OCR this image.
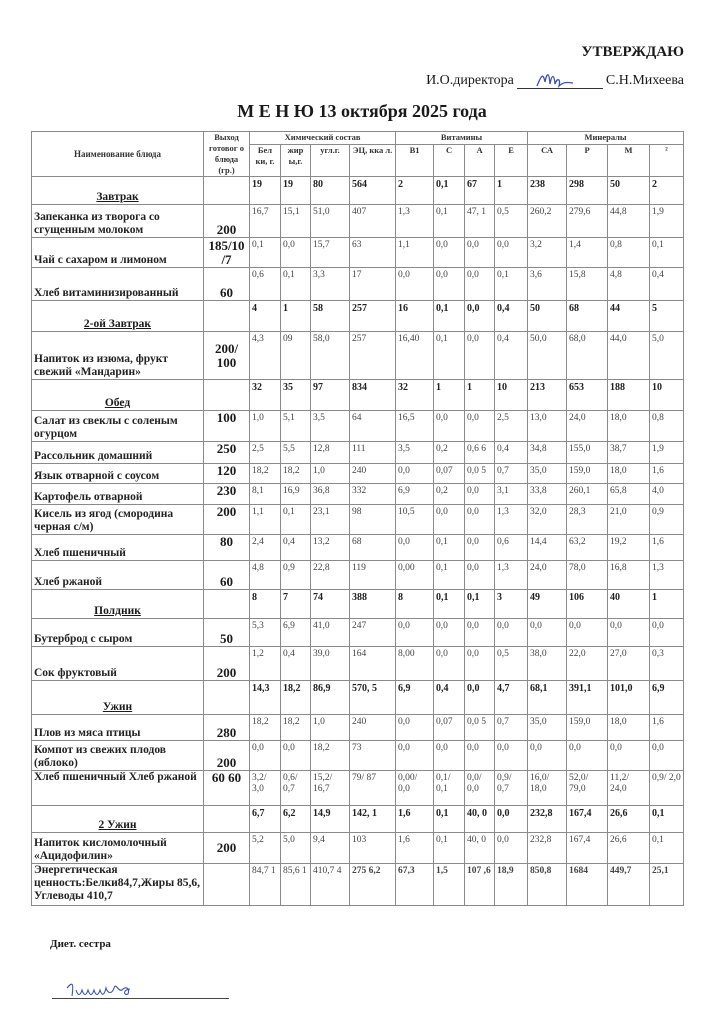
УТВЕРЖДАЮ
И.О.директора	С.Н.Михеева
М Е Н Ю 13 октября 2025 года
Наименование блюда	Выход готовог о блюда (гр.)	Химический состав				Витамины				Минералы			
		Бел ки, г.	жир ы,г.	угл.г.	ЭЦ, кка л.	В1	С	А	Е	СА	Р	М	²
Завтрак		19	19	80	564	2	0,1	67	1	238	298	50	2
Запеканка из творога со сгущенным молоком	200	16,7	15,1	51,0	407	1,3	0,1	47, 1	0,5	260,2	279,6	44,8	1,9
Чай с сахаром и лимоном	185/10 /7	0,1	0,0	15,7	63	1,1	0,0	0,0	0,0	3,2	1,4	0,8	0,1
Хлеб витаминизированный	60	0,6	0,1	3,3	17	0,0	0,0	0,0	0,1	3,6	15,8	4,8	0,4
2-ой Завтрак		4	1	58	257	16	0,1	0,0	0,4	50	68	44	5
Напиток из изюма, фрукт свежий «Мандарин»	200/ 100	4,3	09	58,0	257	16,40	0,1	0,0	0,4	50,0	68,0	44,0	5,0
Обед		32	35	97	834	32	1	1	10	213	653	188	10
Салат из свеклы с соленым огурцом	100	1,0	5,1	3,5	64	16,5	0,0	0,0	2,5	13,0	24,0	18,0	0,8
Рассольник домашний	250	2,5	5,5	12,8	111	3,5	0,2	0,6 6	0,4	34,8	155,0	38,7	1,9
Язык отварной с соусом	120	18,2	18,2	1,0	240	0,0	0,07	0,0 5	0,7	35,0	159,0	18,0	1,6
Картофель отварной	230	8,1	16,9	36,8	332	6,9	0,2	0,0	3,1	33,8	260,1	65,8	4,0
Кисель из ягод (смородина черная с/м)	200	1,1	0,1	23,1	98	10,5	0,0	0,0	1,3	32,0	28,3	21,0	0,9
Хлеб пшеничный	80	2,4	0,4	13,2	68	0,0	0,1	0,0	0,6	14,4	63,2	19,2	1,6
Хлеб ржаной	60	4,8	0,9	22,8	119	0,00	0,1	0,0	1,3	24,0	78,0	16,8	1,3
Полдник		8	7	74	388	8	0,1	0,1	3	49	106	40	1
Бутерброд с сыром	50	5,3	6,9	41,0	247	0,0	0,0	0,0	0,0	0,0	0,0	0,0	0,0
Сок фруктовый	200	1,2	0,4	39,0	164	8,00	0,0	0,0	0,5	38,0	22,0	27,0	0,3
Ужин		14,3	18,2	86,9	570, 5	6,9	0,4	0,0	4,7	68,1	391,1	101,0	6,9
Плов из мяса птицы	280	18,2	18,2	1,0	240	0,0	0,07	0,0 5	0,7	35,0	159,0	18,0	1,6
Компот из свежих плодов (яблоко)	200	0,0	0,0	18,2	73	0,0	0,0	0,0	0,0	0,0	0,0	0,0	0,0
Хлеб пшеничный Хлеб ржаной	60 60	3,2/ 3,0	0,6/ 0,7	15,2/ 16,7	79/ 87	0,00/ 0,0	0,1/ 0,1	0,0/ 0,0	0,9/ 0,7	16,0/ 18,0	52,0/ 79,0	11,2/ 24,0	0,9/ 2,0
2 Ужин		6,7	6,2	14,9	142, 1	1,6	0,1	40, 0	0,0	232,8	167,4	26,6	0,1
Напиток кисломолочный «Ацидофилин»	200	5,2	5,0	9,4	103	1,6	0,1	40, 0	0,0	232,8	167,4	26,6	0,1
Энергетическая ценность:Белки84,7,Жиры 85,6, Углеводы 410,7		84,7 1	85,6 1	410,7 4	275 6,2	67,3	1,5	107 ,6	18,9	850,8	1684	449,7	25,1
Диет. сестра
